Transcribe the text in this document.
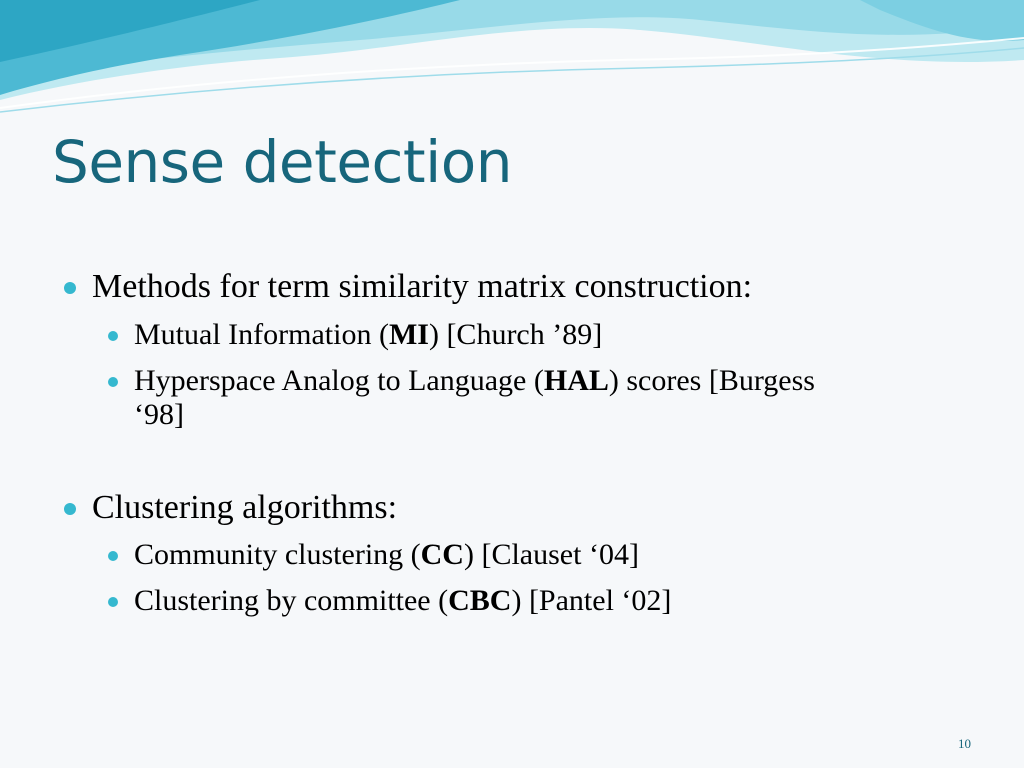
Sense detection
Methods for term similarity matrix construction:
Mutual Information (MI) [Church ’89]
Hyperspace Analog to Language (HAL) scores [Burgess
‘98]
Clustering algorithms:
Community clustering (CC) [Clauset ‘04]
Clustering by committee (CBC) [Pantel ‘02]
10
